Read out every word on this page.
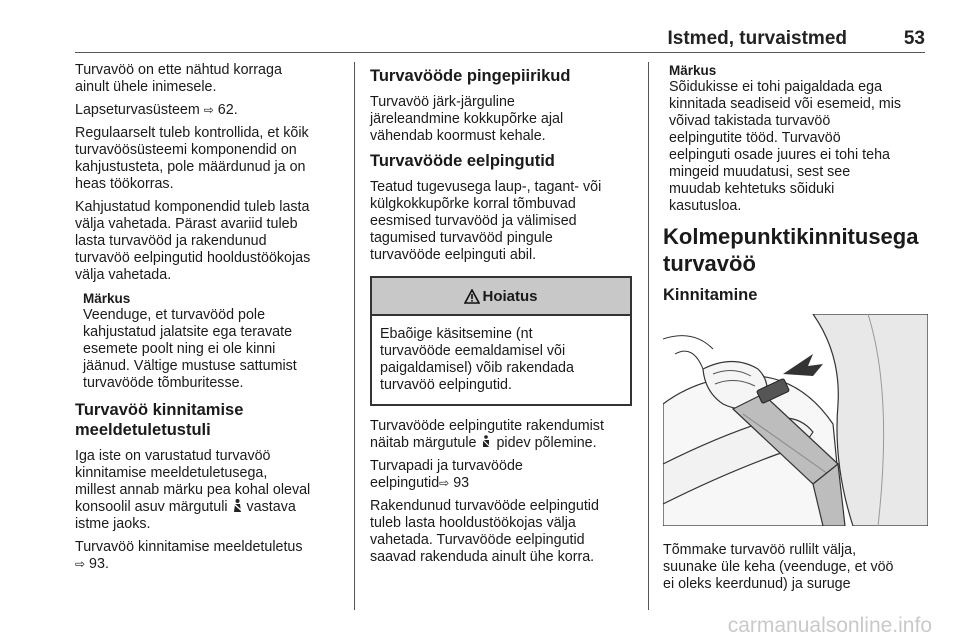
Istmed, turvaistmed	53

Turvavöö on ette nähtud korraga
ainult ühele inimesele.

Lapseturvasüsteem ⇨ 62.

Regulaarselt tuleb kontrollida, et kõik
turvavöösüsteemi komponendid on
kahjustusteta, pole määrdunud ja on
heas töökorras.

Kahjustatud komponendid tuleb lasta
välja vahetada. Pärast avariid tuleb
lasta turvavööd ja rakendunud
turvavöö eelpingutid hooldustöökojas
välja vahetada.

Märkus

Veenduge, et turvavööd pole
kahjustatud jalatsite ega teravate
esemete poolt ning ei ole kinni
jäänud. Vältige mustuse sattumist
turvavööde tõmburitesse.

Turvavöö kinnitamise
meeldetuletustuli

Iga iste on varustatud turvavöö
kinnitamise meeldetuletusega,
millest annab märku pea kohal oleval
konsoolil asuv märgutuli  vastava
istme jaoks.

Turvavöö kinnitamise meeldetuletus
⇨ 93.

Turvavööde pingepiirikud

Turvavöö järk-järguline
järeleandmine kokkupõrke ajal
vähendab koormust kehale.

Turvavööde eelpingutid

Teatud tugevusega laup-, tagant- või
külgkokkupõrke korral tõmbuvad
eesmised turvavööd ja välimised
tagumised turvavööd pingule
turvavööde eelpinguti abil.

Hoiatus
Ebaõige käsitsemine (nt
turvavööde eemaldamisel või
paigaldamisel) võib rakendada
turvavöö eelpingutid.

Turvavööde eelpingutite rakendumist
näitab märgutule  pidev põlemine.

Turvapadi ja turvavööde
eelpingutid⇨ 93

Rakendunud turvavööde eelpingutid
tuleb lasta hooldustöökojas välja
vahetada. Turvavööde eelpingutid
saavad rakenduda ainult ühe korra.

Märkus

Sõidukisse ei tohi paigaldada ega
kinnitada seadiseid või esemeid, mis
võivad takistada turvavöö
eelpingutite tööd. Turvavöö
eelpinguti osade juures ei tohi teha
mingeid muudatusi, sest see
muudab kehtetuks sõiduki
kasutusloa.

Kolmepunktikinnitusega
turvavöö
Kinnitamine

Tõmmake turvavöö rullilt välja,
suunake üle keha (veenduge, et vöö
ei oleks keerdunud) ja suruge

carmanualsonline.info
